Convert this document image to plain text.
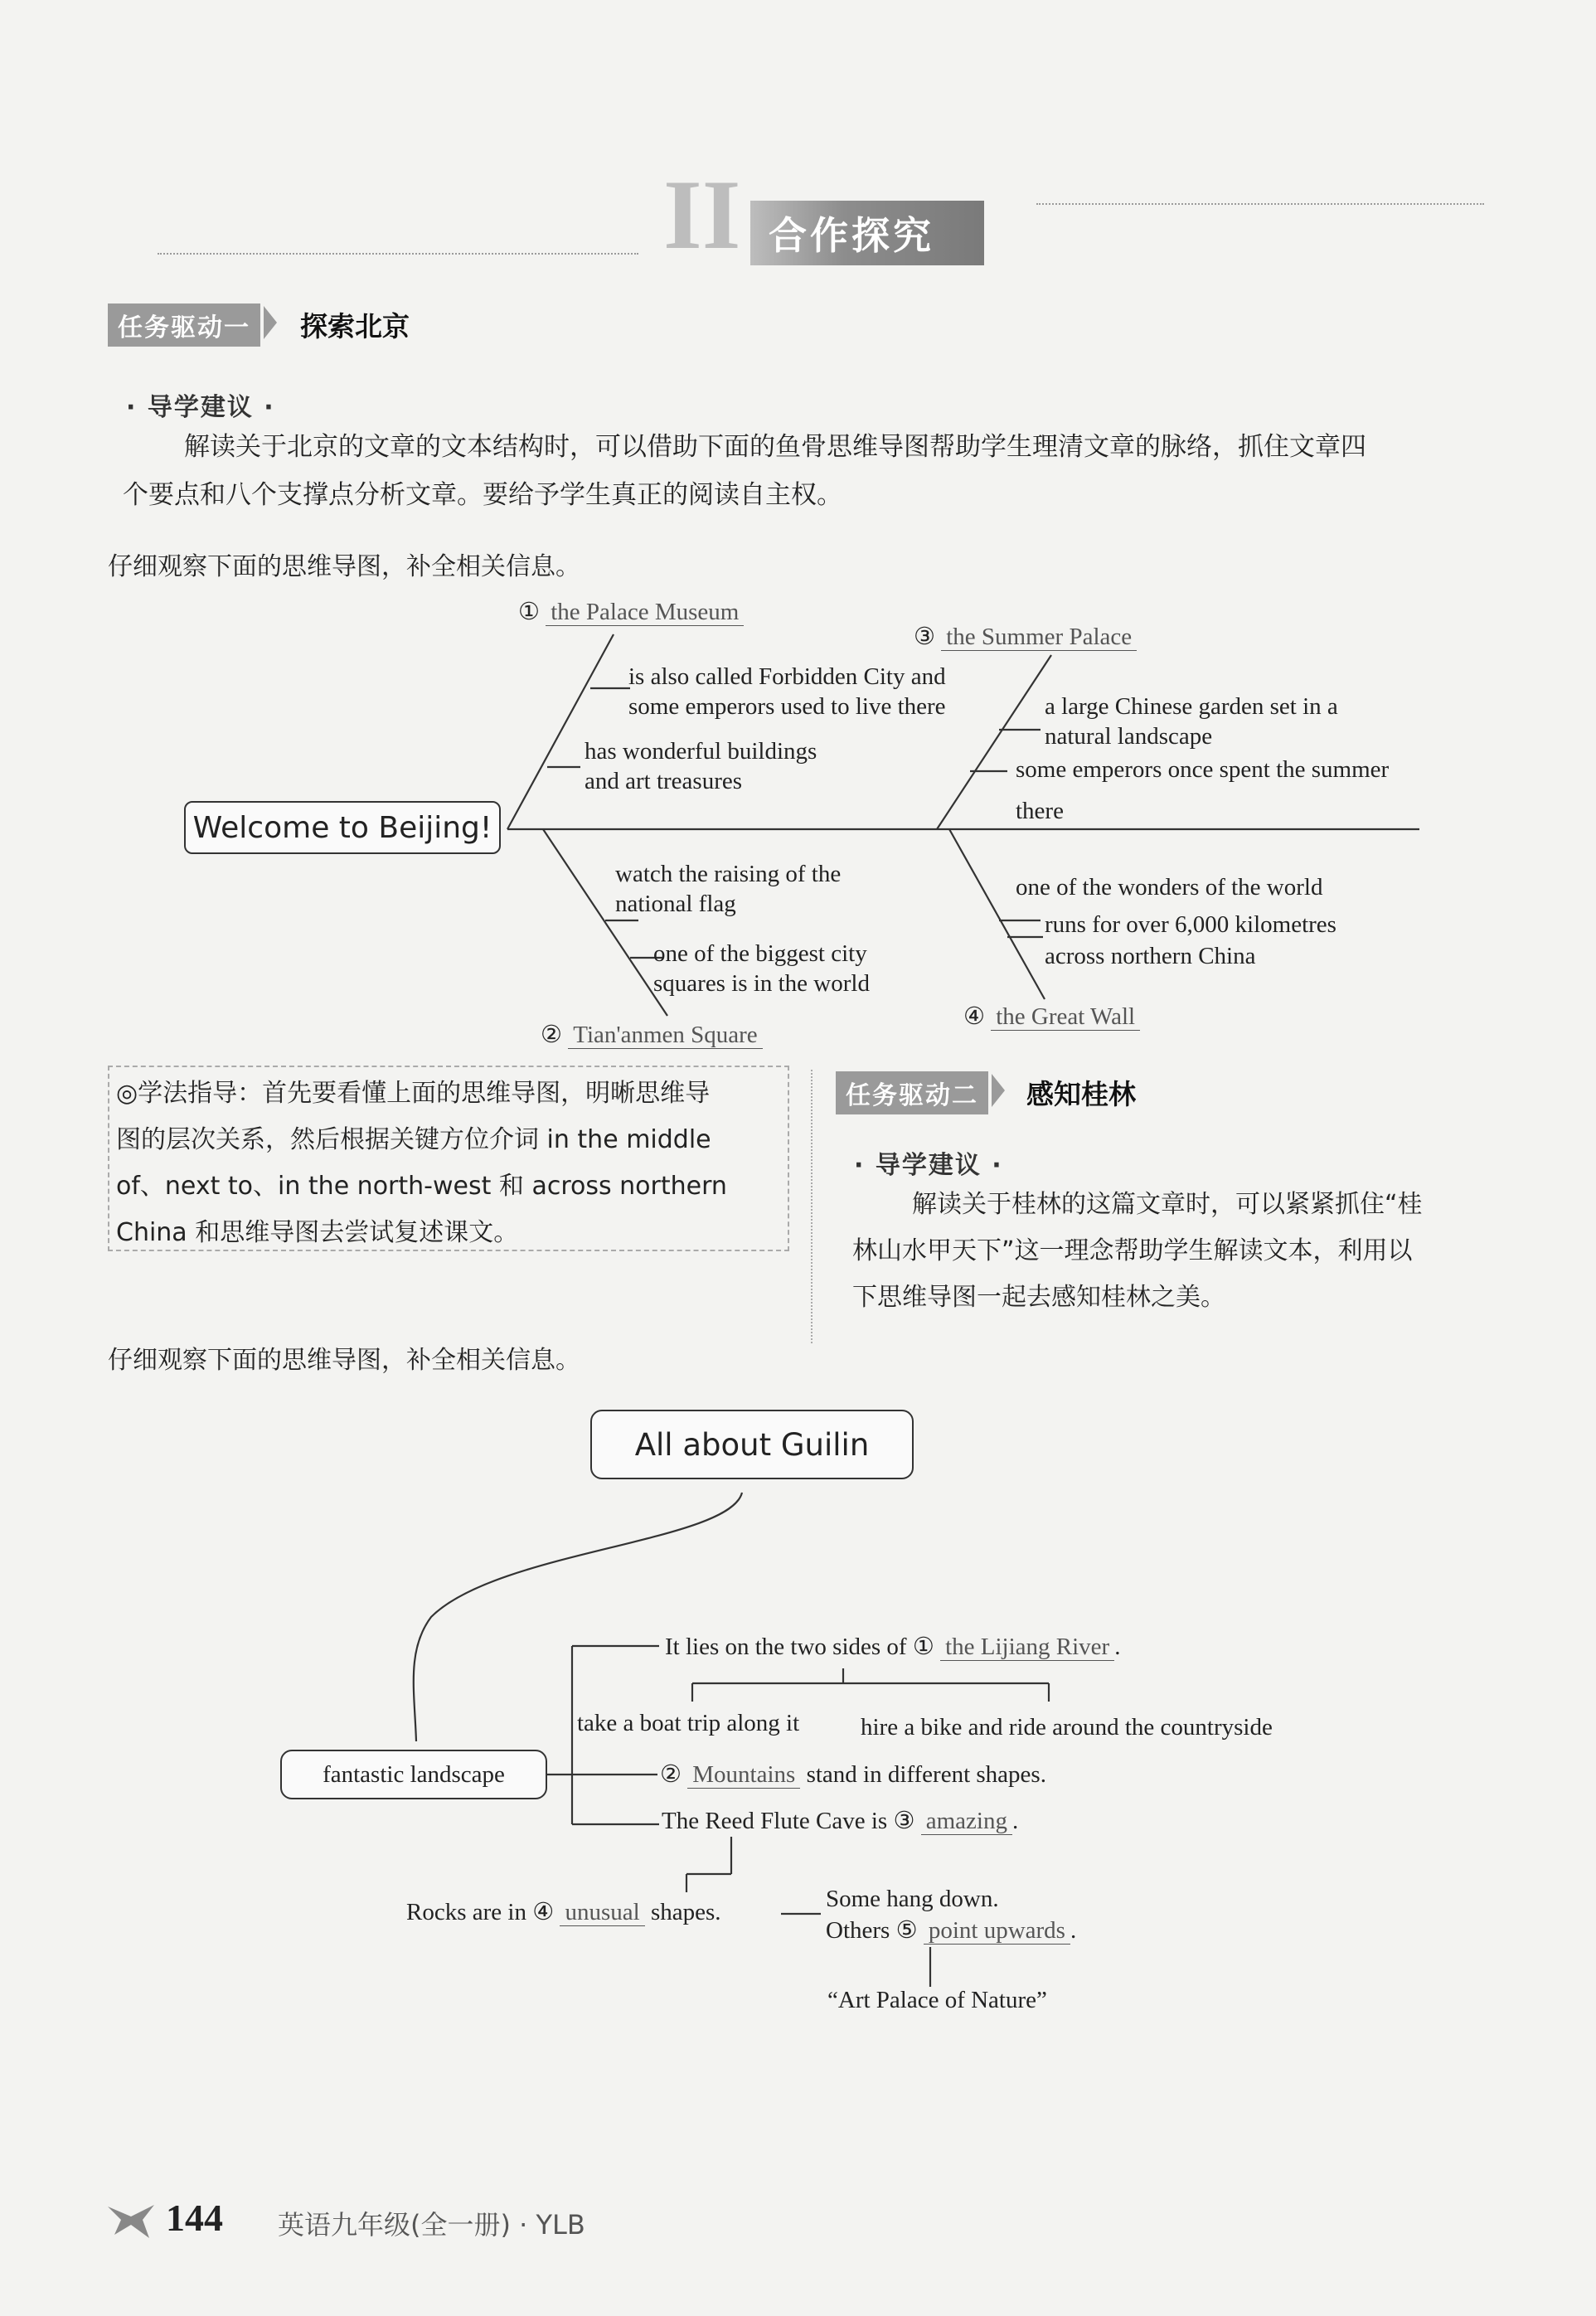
II 合作探究
任务驱动一	探索北京
· 导学建议 ·
解读关于北京的文章的文本结构时，可以借助下面的鱼骨思维导图帮助学生理清文章的脉络，抓住文章四
个要点和八个支撑点分析文章。要给予学生真正的阅读自主权。
仔细观察下面的思维导图，补全相关信息。
Welcome to Beijing!
① the Palace Museum
is also called Forbidden City and
some emperors used to live there
has wonderful buildings
and art treasures
② Tian'anmen Square
watch the raising of the
national flag
one of the biggest city
squares is in the world
③ the Summer Palace
a large Chinese garden set in a
natural landscape
some emperors once spent the summer
there
④ the Great Wall
one of the wonders of the world
runs for over 6,000 kilometres
across northern China
◎学法指导：首先要看懂上面的思维导图，明晰思维导
图的层次关系，然后根据关键方位介词 in the middle
of、next to、in the north-west 和 across northern
China 和思维导图去尝试复述课文。
任务驱动二	感知桂林
· 导学建议 ·
解读关于桂林的这篇文章时，可以紧紧抓住“桂
林山水甲天下”这一理念帮助学生解读文本，利用以
下思维导图一起去感知桂林之美。
仔细观察下面的思维导图，补全相关信息。
All about Guilin
fantastic landscape
It lies on the two sides of ① the Lijiang River .
take a boat trip along it	hire a bike and ride around the countryside
② Mountains stand in different shapes.
The Reed Flute Cave is ③ amazing .
Rocks are in ④ unusual shapes.	Some hang down.
Others ⑤ point upwards .
“Art Palace of Nature”
144 英语九年级(全一册) · YLB
